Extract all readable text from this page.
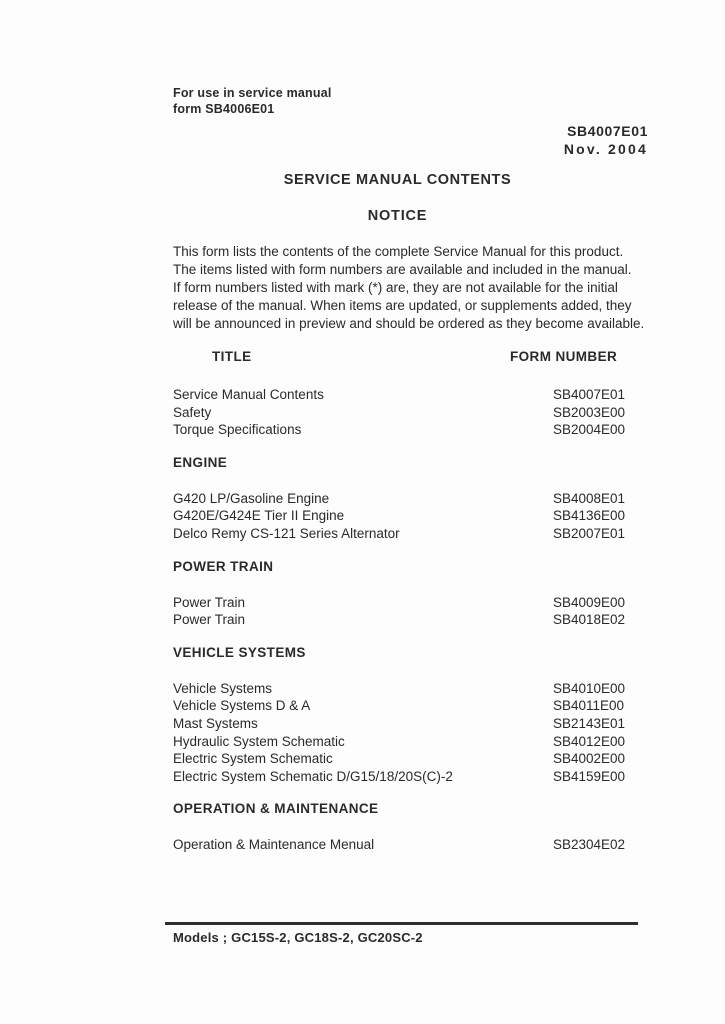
For use in service manual
form SB4006E01
SB4007E01
Nov. 2004
SERVICE MANUAL CONTENTS
NOTICE
This form lists the contents of the complete Service Manual for this product.
The items listed with form numbers are available and included in the manual.
If form numbers listed with mark (*) are, they are not available for the initial
release of the manual. When items are updated, or supplements added, they
will be announced in preview and should be ordered as they become available.
TITLE	FORM NUMBER
Service Manual Contents	SB4007E01
Safety	SB2003E00
Torque Specifications	SB2004E00
ENGINE
G420 LP/Gasoline Engine	SB4008E01
G420E/G424E Tier II Engine	SB4136E00
Delco Remy CS-121 Series Alternator	SB2007E01
POWER TRAIN
Power Train	SB4009E00
Power Train	SB4018E02
VEHICLE SYSTEMS
Vehicle Systems	SB4010E00
Vehicle Systems D & A	SB4011E00
Mast Systems	SB2143E01
Hydraulic System Schematic	SB4012E00
Electric System Schematic	SB4002E00
Electric System Schematic D/G15/18/20S(C)-2	SB4159E00
OPERATION & MAINTENANCE
Operation & Maintenance Menual	SB2304E02
Models ; GC15S-2, GC18S-2, GC20SC-2
